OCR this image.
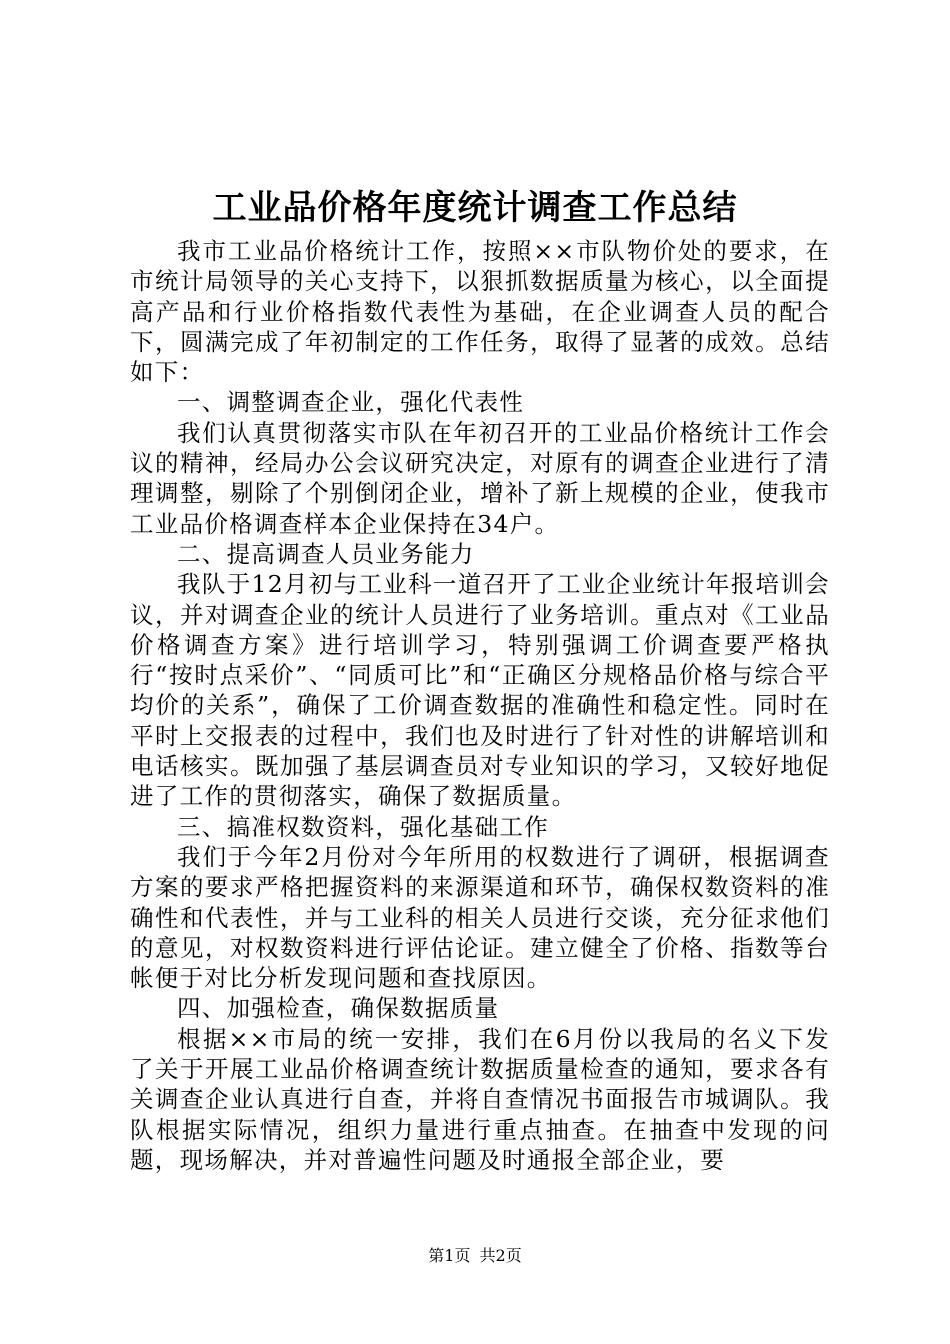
工业品价格年度统计调查工作总结

我市工业品价格统计工作，按照××市队物价处的要求，在市统计局领导的关心支持下，以狠抓数据质量为核心，以全面提高产品和行业价格指数代表性为基础，在企业调查人员的配合下，圆满完成了年初制定的工作任务，取得了显著的成效。总结如下：

一、调整调查企业，强化代表性

我们认真贯彻落实市队在年初召开的工业品价格统计工作会议的精神，经局办公会议研究决定，对原有的调查企业进行了清理调整，剔除了个别倒闭企业，增补了新上规模的企业，使我市工业品价格调查样本企业保持在34户。

二、提高调查人员业务能力

我队于12月初与工业科一道召开了工业企业统计年报培训会议，并对调查企业的统计人员进行了业务培训。重点对《工业品价格调查方案》进行培训学习，特别强调工价调查要严格执行“按时点采价”、“同质可比”和“正确区分规格品价格与综合平均价的关系”，确保了工价调查数据的准确性和稳定性。同时在平时上交报表的过程中，我们也及时进行了针对性的讲解培训和电话核实。既加强了基层调查员对专业知识的学习，又较好地促进了工作的贯彻落实，确保了数据质量。

三、搞准权数资料，强化基础工作

我们于今年2月份对今年所用的权数进行了调研，根据调查方案的要求严格把握资料的来源渠道和环节，确保权数资料的准确性和代表性，并与工业科的相关人员进行交谈，充分征求他们的意见，对权数资料进行评估论证。建立健全了价格、指数等台帐便于对比分析发现问题和查找原因。

四、加强检查，确保数据质量

根据××市局的统一安排，我们在6月份以我局的名义下发了关于开展工业品价格调查统计数据质量检查的通知，要求各有关调查企业认真进行自查，并将自查情况书面报告市城调队。我队根据实际情况，组织力量进行重点抽查。在抽查中发现的问题，现场解决，并对普遍性问题及时通报全部企业，要

第1页 共2页
